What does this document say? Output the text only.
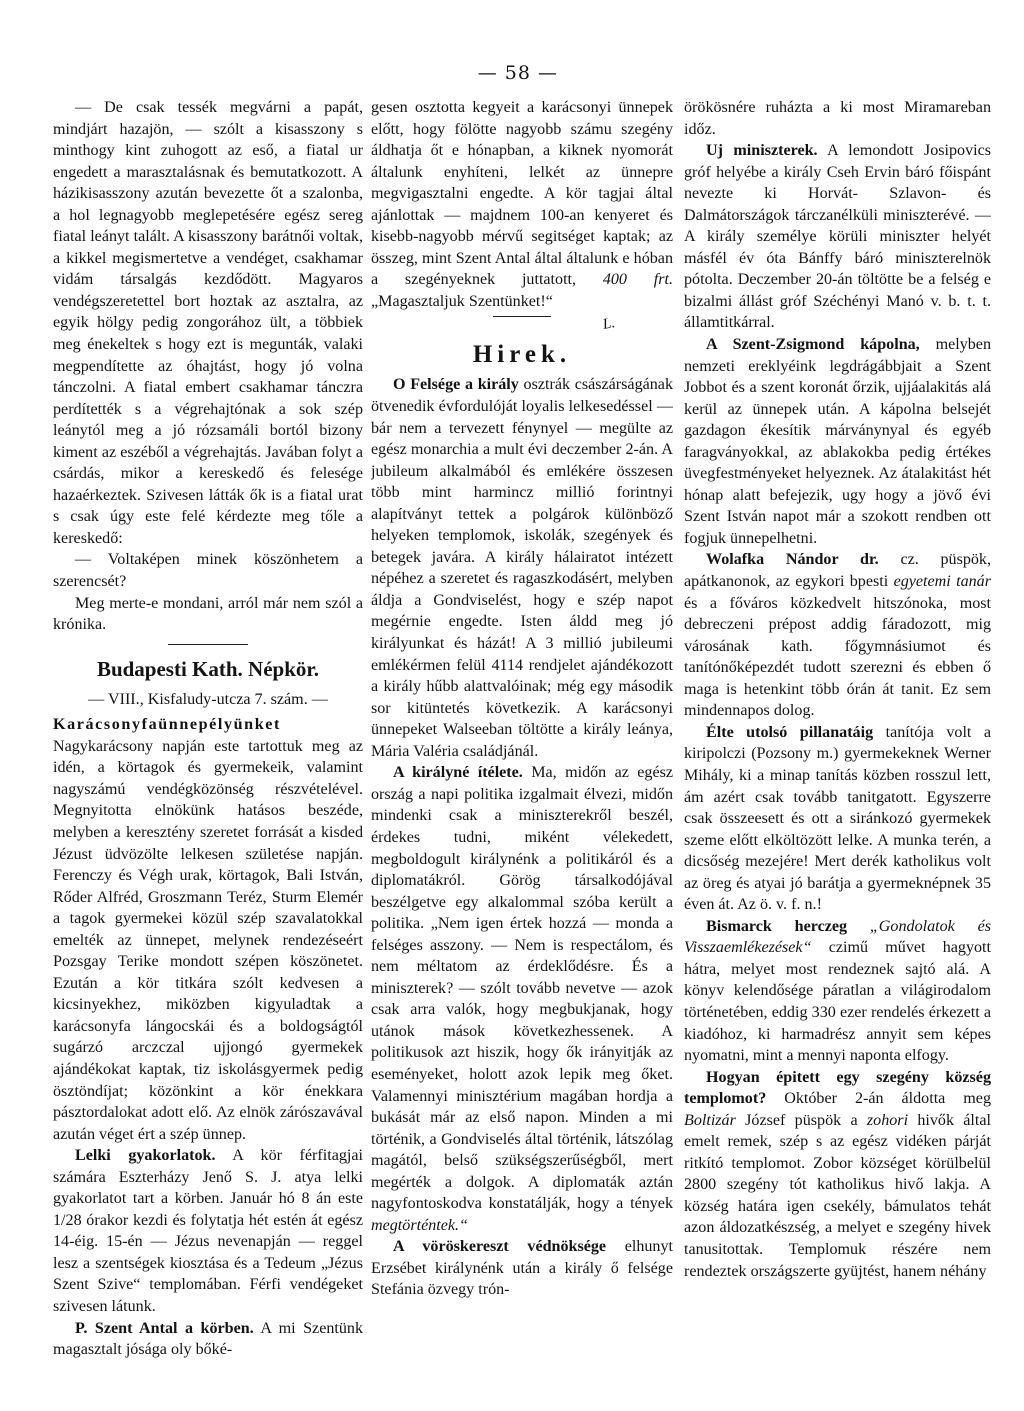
— 58 —

— De csak tessék megvárni a papát, mindjárt hazajön, — szólt a kisasszony s minthogy kint zuhogott az eső, a fiatal ur engedett a marasztalásnak és bemutatkozott. A házikisasszony azután bevezette őt a szalonba, a hol legnagyobb meglepetésére egész sereg fiatal leányt talált. A kisasszony barátnői voltak, a kikkel megismertetve a vendéget, csakhamar vidám társalgás kezdődött. Magyaros vendégszeretettel bort hoztak az asztalra, az egyik hölgy pedig zongorához ült, a többiek meg énekeltek s hogy ezt is megunták, valaki megpendítette az óhajtást, hogy jó volna tánczolni. A fiatal embert csakhamar tánczra perdítették s a végrehajtónak a sok szép leánytól meg a jó rózsamáli bortól bizony kiment az eszéből a végrehajtás. Javában folyt a csárdás, mikor a kereskedő és felesége hazaérkeztek. Szivesen látták ők is a fiatal urat s csak úgy este felé kérdezte meg tőle a kereskedő:

— Voltaképen minek köszönhetem a szerencsét?

Meg merte-e mondani, arról már nem szól a krónika.

Budapesti Kath. Népkör.
— VIII., Kisfaludy-utcza 7. szám. —

Karácsonyfaünnepélyünket Nagykarácsony napján este tartottuk meg az idén, a körtagok és gyermekeik, valamint nagyszámú vendégközönség részvételével. Megnyitotta elnökünk hatásos beszéde, melyben a keresztény szeretet forrását a kisded Jézust üdvözölte lelkesen születése napján. Ferenczy és Végh urak, körtagok, Bali István, Rőder Alfréd, Groszmann Teréz, Sturm Elemér a tagok gyermekei közül szép szavalatokkal emelték az ünnepet, melynek rendezéseért Pozsgay Terike mondott szépen köszönetet. Ezután a kör titkára szólt kedvesen a kicsinyekhez, miközben kigyuladtak a karácsonyfa lángocskái és a boldogságtól sugárzó arczczal ujjongó gyermekek ajándékokat kaptak, tiz iskolásgyermek pedig ösztöndíjat; közönkint a kör énekkara pásztordalokat adott elő. Az elnök zárószavával azután véget ért a szép ünnep.

Lelki gyakorlatok. A kör férfitagjai számára Eszterházy Jenő S. J. atya lelki gyakorlatot tart a körben. Január hó 8 án este 1/28 órakor kezdi és folytatja hét estén át egész 14-éig. 15-én — Jézus nevenapján — reggel lesz a szentségek kiosztása és a Tedeum „Jézus Szent Szive“ templomában. Férfi vendégeket szivesen látunk.

P. Szent Antal a körben. A mi Szentünk magasztalt jósága oly bőké-

gesen osztotta kegyeit a karácsonyi ünnepek előtt, hogy fölötte nagyobb számu szegény áldhatja őt e hónapban, a kiknek nyomorát általunk enyhíteni, lelkét az ünnepre megvigasztalni engedte. A kör tagjai által ajánlottak — majdnem 100-an kenyeret és kisebb-nagyobb mérvű segitséget kaptak; az összeg, mint Szent Antal által általunk e hóban a szegényeknek juttatott, 400 frt. „Magasztaljuk Szentünket!“

L.
Hirek.

O Felsége a király osztrák császárságának ötvenedik évfordulóját loyalis lelkesedéssel — bár nem a tervezett fénynyel — megülte az egész monarchia a mult évi deczember 2-án. A jubileum alkalmából és emlékére összesen több mint harmincz millió forintnyi alapítványt tettek a polgárok különböző helyeken templomok, iskolák, szegények és betegek javára. A király hálairatot intézett népéhez a szeretet és ragaszkodásért, melyben áldja a Gondviselést, hogy e szép napot megérnie engedte. Isten áldd meg jó királyunkat és házát! A 3 millió jubileumi emlékérmen felül 4114 rendjelet ajándékozott a király hűbb alattvalóinak; még egy második sor kitüntetés következik. A karácsonyi ünnepeket Walseeban töltötte a király leánya, Mária Valéria családjánál.

A királyné ítélete. Ma, midőn az egész ország a napi politika izgalmait élvezi, midőn mindenki csak a miniszterekről beszél, érdekes tudni, miként vélekedett, megboldogult királynénk a politikáról és a diplomatákról. Görög társalkodójával beszélgetve egy alkalommal szóba került a politika. „Nem igen értek hozzá — monda a felséges asszony. — Nem is respectálom, és nem méltatom az érdeklődésre. És a miniszterek? — szólt tovább nevetve — azok csak arra valók, hogy megbukjanak, hogy utánok mások következhessenek. A politikusok azt hiszik, hogy ők irányitják az eseményeket, holott azok lepik meg őket. Valamennyi minisztérium magában hordja a bukását már az első napon. Minden a mi történik, a Gondviselés által történik, látszólag magától, belső szükségszerűségből, mert megérték a dolgok. A diplomaták aztán nagyfontoskodva konstatálják, hogy a tények megtörténtek.“

A vöröskereszt védnöksége elhunyt Erzsébet királynénk után a király ő felsége Stefánia özvegy trón-

örökösnére ruházta a ki most Miramareban időz.

Uj miniszterek. A lemondott Josipovics gróf helyébe a király Cseh Ervin báró főispánt nevezte ki Horvát- Szlavon- és Dalmátországok tárczanélküli miniszterévé. — A király személye körüli miniszter helyét másfél év óta Bánffy báró miniszterelnök pótolta. Deczember 20-án töltötte be a felség e bizalmi állást gróf Széchényi Manó v. b. t. t. államtitkárral.

A Szent-Zsigmond kápolna, melyben nemzeti ereklyéink legdrágábbjait a Szent Jobbot és a szent koronát őrzik, ujjáalakitás alá kerül az ünnepek után. A kápolna belsejét gazdagon ékesítik márványnyal és egyéb faragványokkal, az ablakokba pedig értékes üvegfestményeket helyeznek. Az átalakitást hét hónap alatt befejezik, ugy hogy a jövő évi Szent István napot már a szokott rendben ott fogjuk ünnepelhetni.

Wolafka Nándor dr. cz. püspök, apátkanonok, az egykori bpesti egyetemi tanár és a főváros közkedvelt hitszónoka, most debreczeni prépost addig fáradozott, mig városának kath. főgymnásiumot és tanítónőképezdét tudott szerezni és ebben ő maga is hetenkint több órán át tanit. Ez sem mindennapos dolog.

Élte utolsó pillanatáig tanítója volt a kiripolczi (Pozsony m.) gyermekeknek Werner Mihály, ki a minap tanítás közben rosszul lett, ám azért csak tovább tanitgatott. Egyszerre csak összeesett és ott a siránkozó gyermekek szeme előtt elköltözött lelke. A munka terén, a dicsőség mezejére! Mert derék katholikus volt az öreg és atyai jó barátja a gyermeknépnek 35 éven át. Az ö. v. f. n.!

Bismarck herczeg „Gondolatok és Visszaemlékezések“ czimű művet hagyott hátra, melyet most rendeznek sajtó alá. A könyv kelendősége páratlan a világirodalom történetében, eddig 330 ezer rendelés érkezett a kiadóhoz, ki harmadrész annyit sem képes nyomatni, mint a mennyi naponta elfogy.

Hogyan épitett egy szegény község templomot? Október 2-án áldotta meg Boltizár József püspök a zohori hivők által emelt remek, szép s az egész vidéken párját ritkító templomot. Zobor községet körülbelül 2800 szegény tót katholikus hivő lakja. A község határa igen csekély, bámulatos tehát azon áldozatkészség, a melyet e szegény hivek tanusitottak. Templomuk részére nem rendeztek országszerte gyüjtést, hanem néhány
